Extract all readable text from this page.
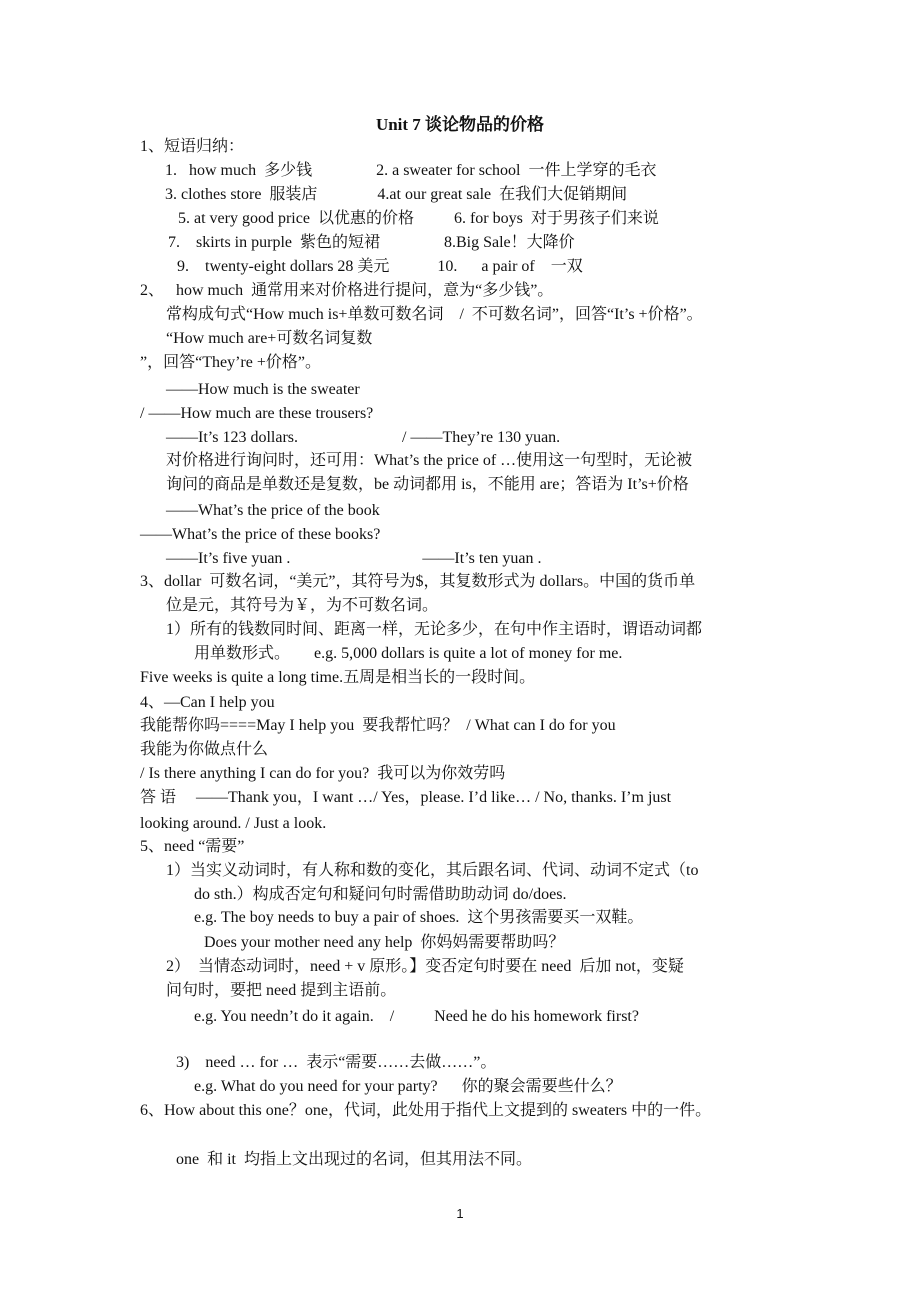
Unit 7 谈论物品的价格
1、短语归纳：
1.   how much  多少钱                2. a sweater for school  一件上学穿的毛衣
3. clothes store  服装店               4.at our great sale  在我们大促销期间
5. at very good price  以优惠的价格          6. for boys  对于男孩子们来说
7.    skirts in purple  紫色的短裙                8.Big Sale！大降价
9.    twenty-eight dollars 28 美元            10.      a pair of    一双
2、   how much  通常用来对价格进行提问，意为“多少钱”。
常构成句式“How much is+单数可数名词    /  不可数名词”，回答“It’s +价格”。
“How much are+可数名词复数
”，回答“They’re +价格”。
——How much is the sweater
/ ——How much are these trousers?
——It’s 123 dollars.                          / ——They’re 130 yuan.
对价格进行询问时，还可用：What’s the price of …使用这一句型时，无论被
询问的商品是单数还是复数，be 动词都用 is，不能用 are；答语为 It’s+价格
——What’s the price of the book
——What’s the price of these books?
——It’s five yuan .                                 ——It’s ten yuan .
3、dollar  可数名词，“美元”，其符号为$，其复数形式为 dollars。中国的货币单
位是元，其符号为￥，为不可数名词。
1）所有的钱数同时间、距离一样，无论多少，在句中作主语时，谓语动词都
用单数形式。      e.g. 5,000 dollars is quite a lot of money for me.
Five weeks is quite a long time.五周是相当长的一段时间。
4、—Can I help you
我能帮你吗====May I help you  要我帮忙吗？  / What can I do for you
我能为你做点什么
/ Is there anything I can do for you?  我可以为你效劳吗
答 语     ——Thank you，I want …/ Yes，please. I’d like… / No, thanks. I’m just
looking around. / Just a look.
5、need “需要”
1）当实义动词时，有人称和数的变化，其后跟名词、代词、动词不定式（to
do sth.）构成否定句和疑问句时需借助助动词 do/does.
e.g. The boy needs to buy a pair of shoes.  这个男孩需要买一双鞋。
Does your mother need any help  你妈妈需要帮助吗？
2）  当情态动词时，need + v 原形。】变否定句时要在 need  后加 not，变疑
问句时，要把 need 提到主语前。
e.g. You needn’t do it again.    /          Need he do his homework first?
3)    need … for …  表示“需要……去做……”。
e.g. What do you need for your party?      你的聚会需要些什么？
6、How about this one？one，代词，此处用于指代上文提到的 sweaters 中的一件。
one  和 it  均指上文出现过的名词，但其用法不同。
1
